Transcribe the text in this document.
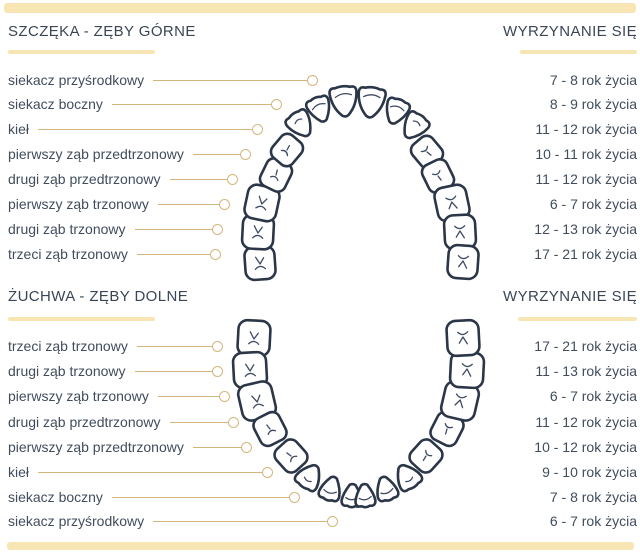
SZCZĘKA - ZĘBY GÓRNE	WYRZYNANIE SIĘ
ŻUCHWA - ZĘBY DOLNE	WYRZYNANIE SIĘ
siekacz przyśrodkowy	7 - 8 rok życia
siekacz boczny	8 - 9 rok życia
kieł	11 - 12 rok życia
pierwszy ząb przedtrzonowy	10 - 11 rok życia
drugi ząb przedtrzonowy	11 - 12 rok życia
pierwszy ząb trzonowy	6 - 7 rok życia
drugi ząb trzonowy	12 - 13 rok życia
trzeci ząb trzonowy	17 - 21 rok życia
trzeci ząb trzonowy	17 - 21 rok życia
drugi ząb trzonowy	11 - 13 rok życia
pierwszy ząb trzonowy	6 - 7 rok życia
drugi ząb przedtrzonowy	11 - 12 rok życia
pierwszy ząb przedtrzonowy	10 - 12 rok życia
kieł	9 - 10 rok życia
siekacz boczny	7 - 8 rok życia
siekacz przyśrodkowy	6 - 7 rok życia
